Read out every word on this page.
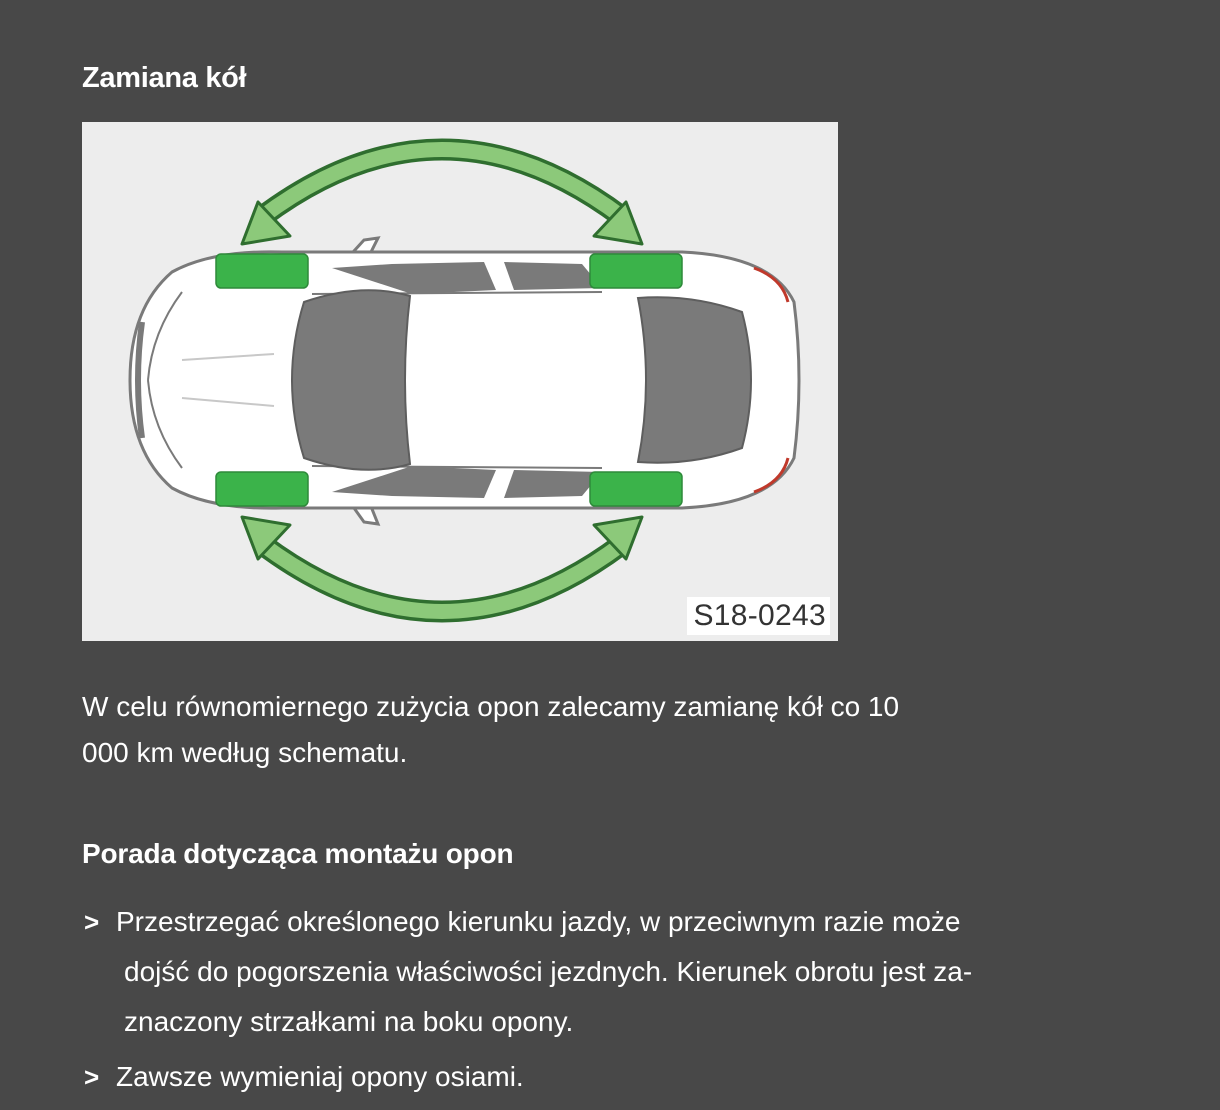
Zamiana kół
S18-0243

W celu równomiernego zużycia opon zalecamy zamianę kół co 10
000 km według schematu.

Porada dotycząca montażu opon
> Przestrzegać określonego kierunku jazdy, w przeciwnym razie może
dojść do pogorszenia właściwości jezdnych. Kierunek obrotu jest za-
znaczony strzałkami na boku opony.
> Zawsze wymieniaj opony osiami.
